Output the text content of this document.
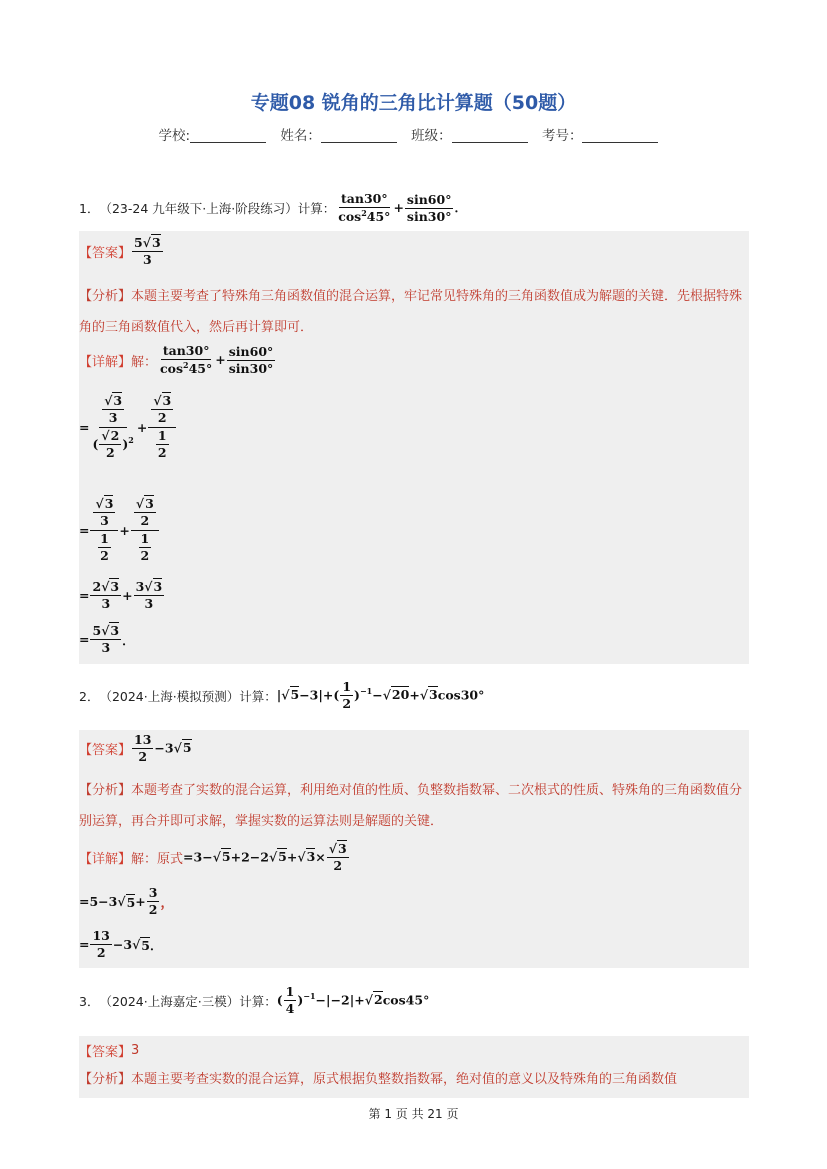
专题08 锐角的三角比计算题（50题）
学校:	姓名：	班级：	考号：
1． （23-24 九年级下·上海·阶段练习）计算： $\frac{\tan 30^\circ}{\cos^245^\circ} + \frac{\sin 60^\circ}{\sin 30^\circ}$ ．
【答案】 $\frac{5√3}{3}$
【分析】本题主要考查了特殊角三角函数值的混合运算，牢记常见特殊角的三角函数值成为解题的关键．先根据特殊角的三角函数值代入，然后再计算即可．
【详解】 解： $\frac{\tan 30^\circ}{\cos^245^\circ} + \frac{\sin 60^\circ}{\sin 30^\circ}$
= $\frac{\frac{√3}{3}}{( \frac{√2}{2} )^2} + \frac{\frac{√3}{2}}{\frac{1}{2}}$
= $\frac{\frac{√3}{3}}{\frac{1}{2}} + \frac{\frac{√3}{2}}{\frac{1}{2}}$
= $\frac{2√3}{3} + \frac{3√3}{3}$
= $\frac{5√3}{3}$ ．
2． （2024·上海·模拟预测）计算： $|√5-3|+( \frac{1}{2} )^{-1}-√20+√3\cos 30^\circ$
【答案】 $\frac{13}{2} -3√5$
【分析】本题考查了实数的混合运算，利用绝对值的性质、负整数指数幂、二次根式的性质、特殊角的三角函数值分别运算，再合并即可求解，掌握实数的运算法则是解题的关键．
【详解】 解：原式 $=3-√5+2-2√5+√3\times \frac{√3}{2}$
=5−3 √ $5 + \frac{3}{2}$ ，
= $\frac{13}{2} -3$ √ 5 ．
3． （2024·上海嘉定·三模）计算： ( $\frac{1}{4} )^{-1}-|-2|+√2\cos 45^\circ$
【答案】 3
【分析】本题主要考查实数的混合运算，原式根据负整数指数幂，绝对值的意义以及特殊角的三角函数值
第 1 页 共 21 页
